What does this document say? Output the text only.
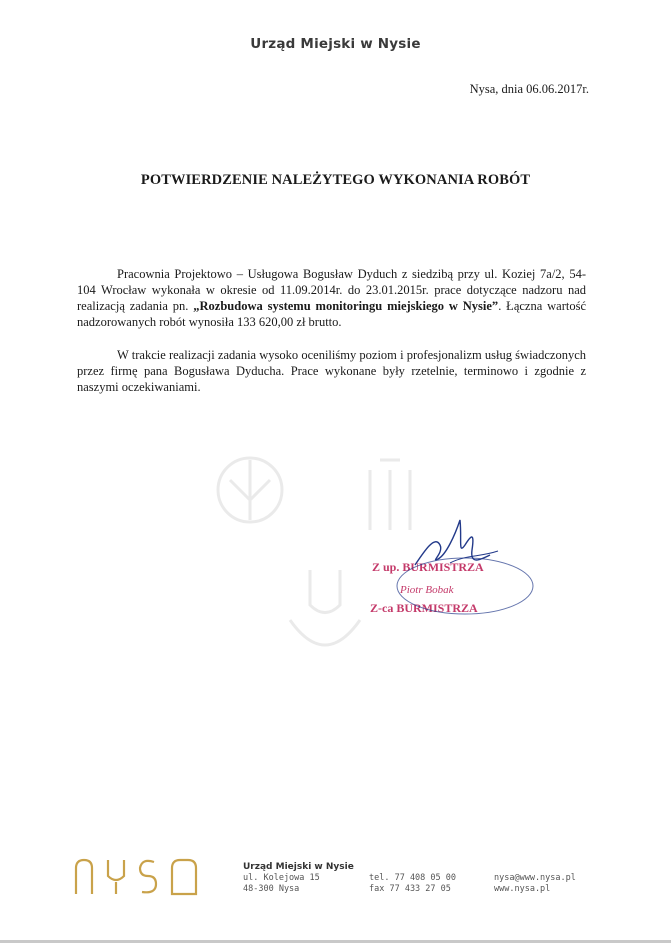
Urząd Miejski w Nysie
Nysa, dnia 06.06.2017r.
POTWIERDZENIE NALEŻYTEGO WYKONANIA ROBÓT
Pracownia Projektowo – Usługowa Bogusław Dyduch z siedzibą przy ul. Koziej 7a/2, 54-104 Wrocław wykonała w okresie od 11.09.2014r. do 23.01.2015r. prace dotyczące nadzoru nad realizacją zadania pn. „Rozbudowa systemu monitoringu miejskiego w Nysie”. Łączna wartość nadzorowanych robót wynosiła 133 620,00 zł brutto.
W trakcie realizacji zadania wysoko oceniliśmy poziom i profesjonalizm usług świadczonych przez firmę pana Bogusława Dyducha. Prace wykonane były rzetelnie, terminowo i zgodnie z naszymi oczekiwaniami.
Z up. BURMISTRZA
Piotr Bobak
Z-ca BURMISTRZA
Urząd Miejski w Nysie
ul. Kolejowa 15
48-300 Nysa
tel. 77 408 05 00
fax 77 433 27 05
nysa@www.nysa.pl
www.nysa.pl
